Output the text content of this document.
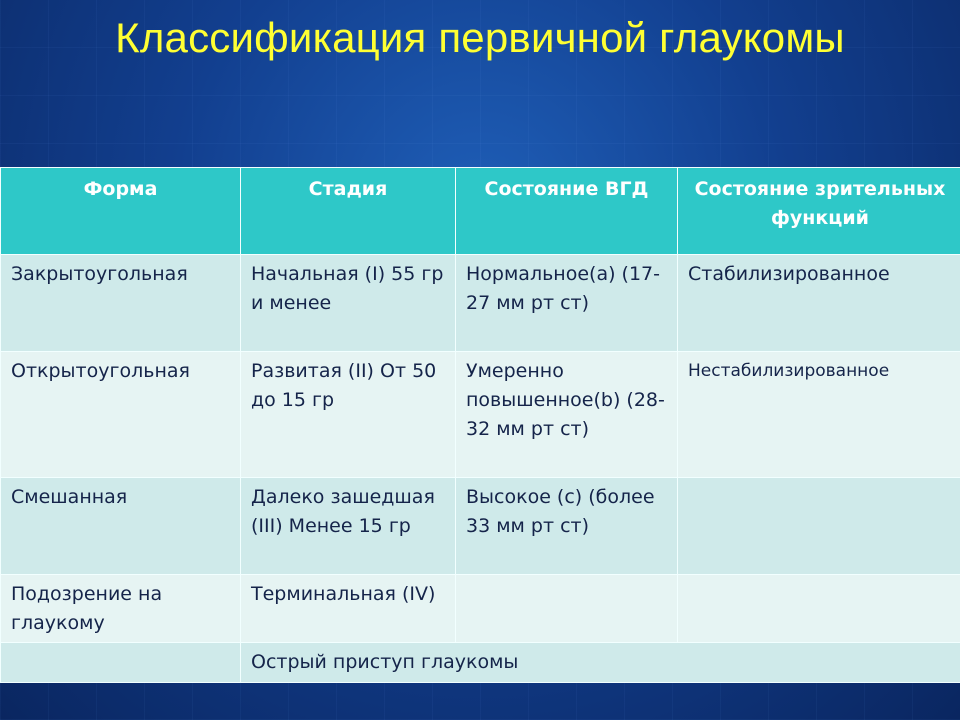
Классификация первичной глаукомы
Форма	Стадия	Состояние ВГД	Состояние зрительных функций
Закрытоугольная	Начальная (I) 55 гр и менее	Нормальное(а) (17-27 мм рт ст)	Стабилизированное
Открытоугольная	Развитая (II) От 50 до 15 гр	Умеренно повышенное(b) (28-32 мм рт ст)	Нестабилизированное
Смешанная	Далеко зашедшая (III) Менее 15 гр	Высокое (с) (более 33 мм рт ст)	
Подозрение на глаукому	Терминальная (IV)		
	Острый приступ глаукомы		
